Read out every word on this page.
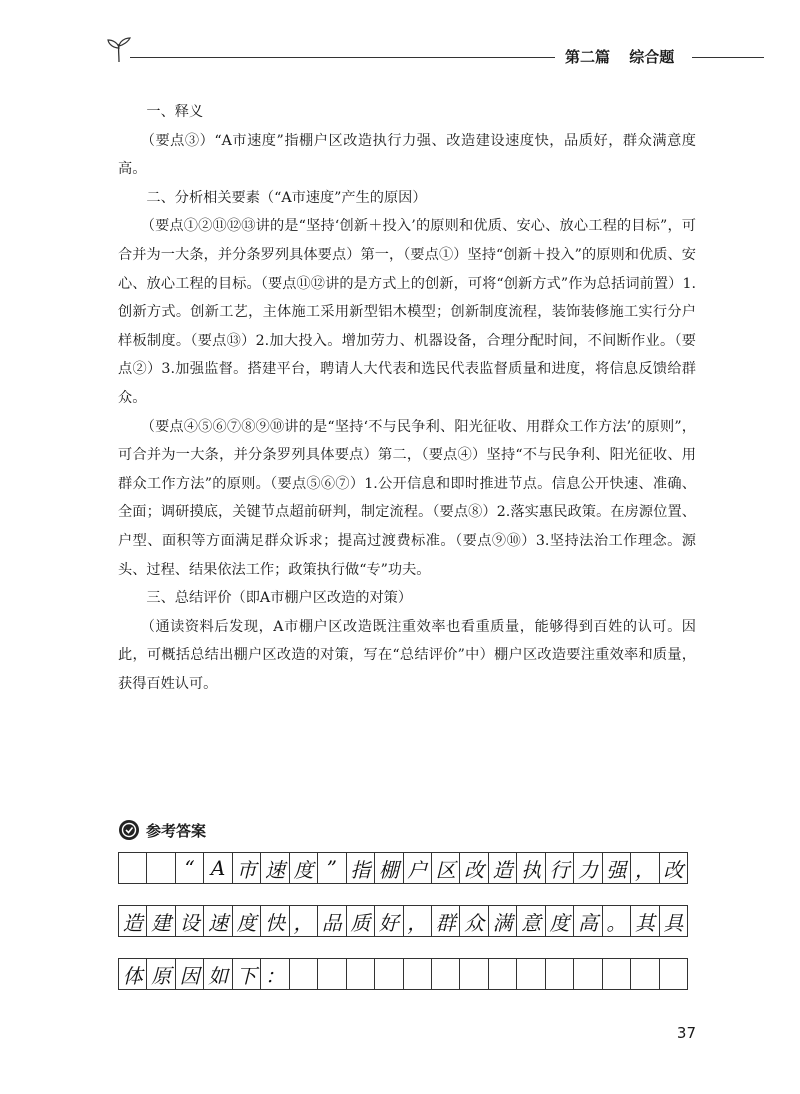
第二篇 综合题

一、释义

（要点③）“A市速度”指棚户区改造执行力强、改造建设速度快，品质好，群众满意度高。

二、分析相关要素（“A市速度”产生的原因）

（要点①②⑪⑫⑬讲的是“坚持‘创新＋投入’的原则和优质、安心、放心工程的目标”，可合并为一大条，并分条罗列具体要点）第一，（要点①）坚持“创新＋投入”的原则和优质、安心、放心工程的目标。（要点⑪⑫讲的是方式上的创新，可将“创新方式”作为总括词前置）1.创新方式。创新工艺，主体施工采用新型铝木模型；创新制度流程，装饰装修施工实行分户样板制度。（要点⑬）2.加大投入。增加劳力、机器设备，合理分配时间，不间断作业。（要点②）3.加强监督。搭建平台，聘请人大代表和选民代表监督质量和进度，将信息反馈给群众。

（要点④⑤⑥⑦⑧⑨⑩讲的是“坚持‘不与民争利、阳光征收、用群众工作方法’的原则”，可合并为一大条，并分条罗列具体要点）第二，（要点④）坚持“不与民争利、阳光征收、用群众工作方法”的原则。（要点⑤⑥⑦）1.公开信息和即时推进节点。信息公开快速、准确、全面；调研摸底，关键节点超前研判，制定流程。（要点⑧）2.落实惠民政策。在房源位置、户型、面积等方面满足群众诉求；提高过渡费标准。（要点⑨⑩）3.坚持法治工作理念。源头、过程、结果依法工作；政策执行做“专”功夫。

三、总结评价（即A市棚户区改造的对策）

（通读资料后发现，A市棚户区改造既注重效率也看重质量，能够得到百姓的认可。因此，可概括总结出棚户区改造的对策，写在“总结评价”中）棚户区改造要注重效率和质量，获得百姓认可。

参考答案
“ A 市 速 度 ” 指 棚 户 区 改 造 执 行 力 强 ， 改
造 建 设 速 度 快 ， 品 质 好 ， 群 众 满 意 度 高 。 其 具
体 原 因 如 下 ：
37
